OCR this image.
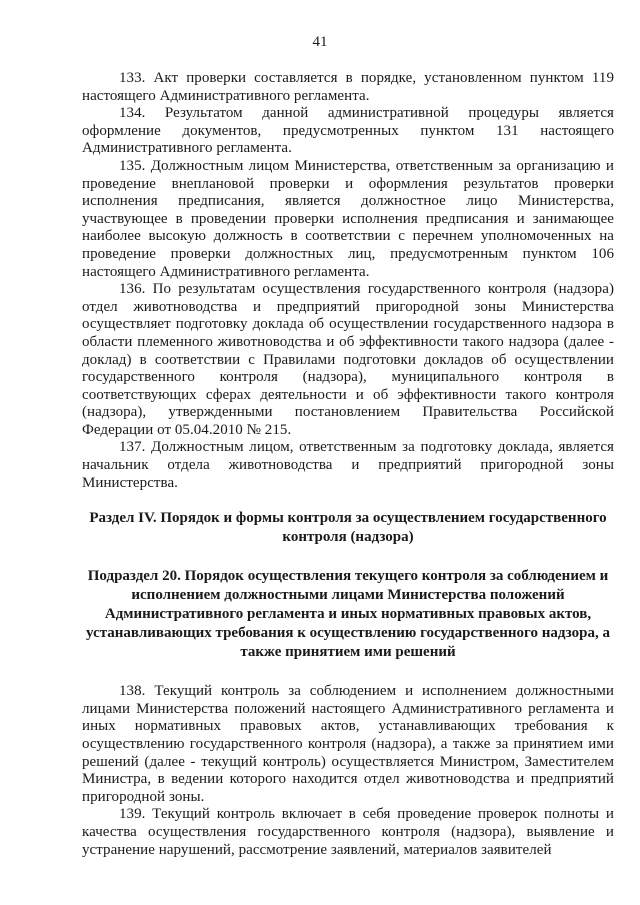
41

133. Акт проверки составляется в порядке, установленном пунктом 119 настоящего Административного регламента.

134. Результатом данной административной процедуры является оформление документов, предусмотренных пунктом 131 настоящего Административного регламента.

135. Должностным лицом Министерства, ответственным за организацию и проведение внеплановой проверки и оформления результатов проверки исполнения предписания, является должностное лицо Министерства, участвующее в проведении проверки исполнения предписания и занимающее наиболее высокую должность в соответствии с перечнем уполномоченных на проведение проверки должностных лиц, предусмотренным пунктом 106 настоящего Административного регламента.

136. По результатам осуществления государственного контроля (надзора) отдел животноводства и предприятий пригородной зоны Министерства осуществляет подготовку доклада об осуществлении государственного надзора в области племенного животноводства и об эффективности такого надзора (далее - доклад) в соответствии с Правилами подготовки докладов об осуществлении государственного контроля (надзора), муниципального контроля в соответствующих сферах деятельности и об эффективности такого контроля (надзора), утвержденными постановлением Правительства Российской Федерации от 05.04.2010 № 215.

137. Должностным лицом, ответственным за подготовку доклада, является начальник отдела животноводства и предприятий пригородной зоны Министерства.

Раздел IV. Порядок и формы контроля за осуществлением государственного контроля (надзора)
Подраздел 20. Порядок осуществления текущего контроля за соблюдением и исполнением должностными лицами Министерства положений Административного регламента и иных нормативных правовых актов, устанавливающих требования к осуществлению государственного надзора, а также принятием ими решений

138. Текущий контроль за соблюдением и исполнением должностными лицами Министерства положений настоящего Административного регламента и иных нормативных правовых актов, устанавливающих требования к осуществлению государственного контроля (надзора), а также за принятием ими решений (далее - текущий контроль) осуществляется Министром, Заместителем Министра, в ведении которого находится отдел животноводства и предприятий пригородной зоны.

139. Текущий контроль включает в себя проведение проверок полноты и качества осуществления государственного контроля (надзора), выявление и устранение нарушений, рассмотрение заявлений, материалов заявителей
